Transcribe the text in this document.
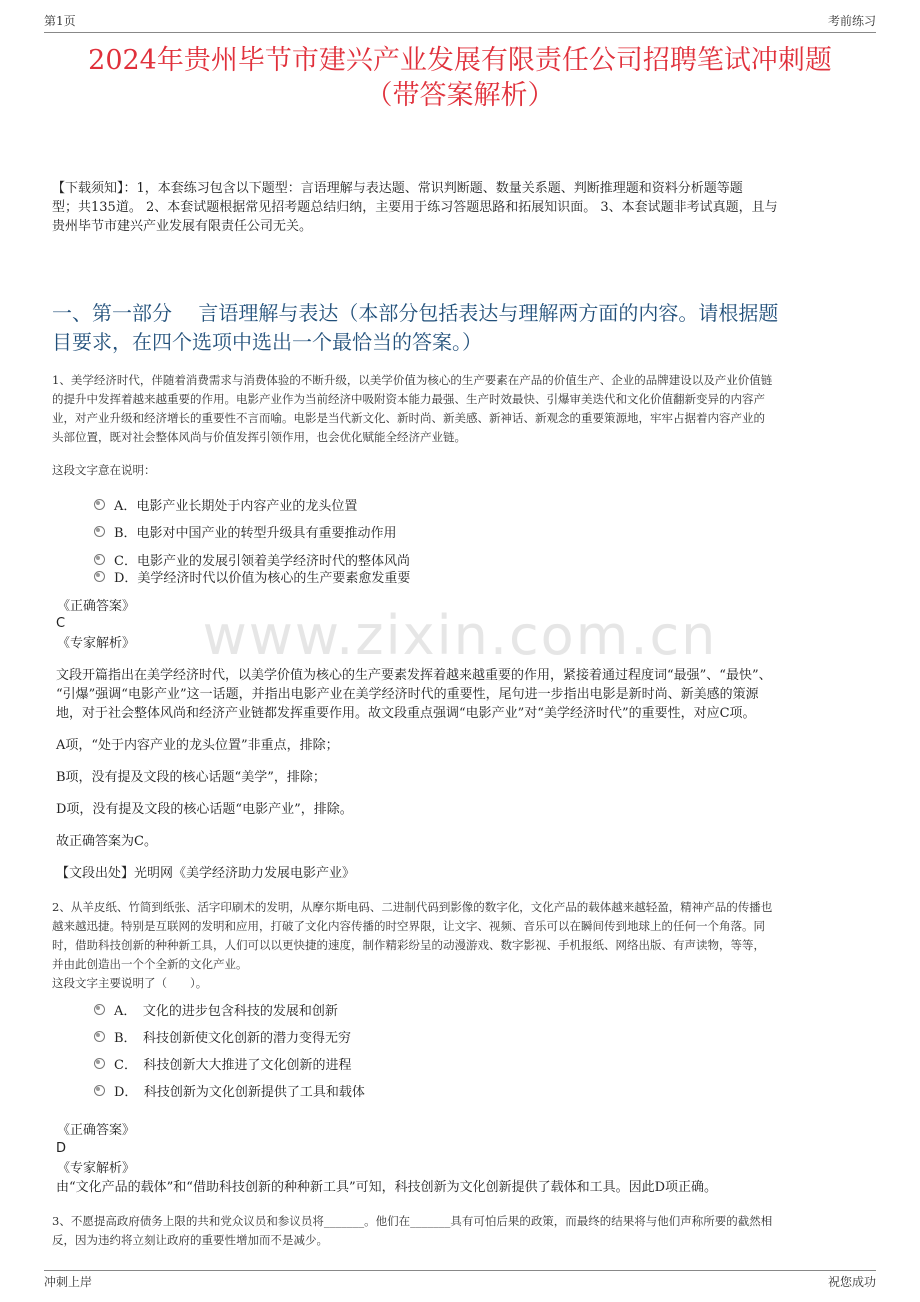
第1页	考前练习
2024年贵州毕节市建兴产业发展有限责任公司招聘笔试冲刺题
（带答案解析）
www.zixin.com.cn
【下载须知】：1，本套练习包含以下题型：言语理解与表达题、常识判断题、数量关系题、判断推理题和资料分析题等题
型；共135道。 2、本套试题根据常见招考题总结归纳，主要用于练习答题思路和拓展知识面。 3、本套试题非考试真题，且与
贵州毕节市建兴产业发展有限责任公司无关。
一、第一部分　 言语理解与表达（本部分包括表达与理解两方面的内容。请根据题
目要求，在四个选项中选出一个最恰当的答案。）
1、美学经济时代，伴随着消费需求与消费体验的不断升级，以美学价值为核心的生产要素在产品的价值生产、企业的品牌建设以及产业价值链
的提升中发挥着越来越重要的作用。电影产业作为当前经济中吸附资本能力最强、生产时效最快、引爆审美迭代和文化价值翻新变异的内容产
业，对产业升级和经济增长的重要性不言而喻。电影是当代新文化、新时尚、新美感、新神话、新观念的重要策源地，牢牢占据着内容产业的
头部位置，既对社会整体风尚与价值发挥引领作用，也会优化赋能全经济产业链。
这段文字意在说明：
A．电影产业长期处于内容产业的龙头位置
B．电影对中国产业的转型升级具有重要推动作用
C．电影产业的发展引领着美学经济时代的整体风尚
D．美学经济时代以价值为核心的生产要素愈发重要
《正确答案》
C
《专家解析》
文段开篇指出在美学经济时代，以美学价值为核心的生产要素发挥着越来越重要的作用，紧接着通过程度词“最强”、“最快”、
“引爆”强调“电影产业”这一话题，并指出电影产业在美学经济时代的重要性，尾句进一步指出电影是新时尚、新美感的策源
地，对于社会整体风尚和经济产业链都发挥重要作用。故文段重点强调“电影产业”对“美学经济时代”的重要性，对应C项。
A项，“处于内容产业的龙头位置”非重点，排除；
B项，没有提及文段的核心话题“美学”，排除；
D项，没有提及文段的核心话题“电影产业”，排除。
故正确答案为C。
【文段出处】光明网《美学经济助力发展电影产业》
2、从羊皮纸、竹简到纸张、活字印刷术的发明，从摩尔斯电码、二进制代码到影像的数字化，文化产品的载体越来越轻盈，精神产品的传播也
越来越迅捷。特别是互联网的发明和应用，打破了文化内容传播的时空界限，让文字、视频、音乐可以在瞬间传到地球上的任何一个角落。同
时，借助科技创新的种种新工具，人们可以以更快捷的速度，制作精彩纷呈的动漫游戏、数字影视、手机报纸、网络出版、有声读物，等等，
并由此创造出一个个全新的文化产业。
这段文字主要说明了（　　）。
A．　文化的进步包含科技的发展和创新
B．　科技创新使文化创新的潜力变得无穷
C．　科技创新大大推进了文化创新的进程
D．　科技创新为文化创新提供了工具和载体
《正确答案》
D
《专家解析》
由“文化产品的载体”和“借助科技创新的种种新工具”可知，科技创新为文化创新提供了载体和工具。因此D项正确。
3、不愿提高政府债务上限的共和党众议员和参议员将_______。他们在_______具有可怕后果的政策，而最终的结果将与他们声称所要的截然相
反，因为违约将立刻让政府的重要性增加而不是减少。
冲刺上岸	祝您成功
